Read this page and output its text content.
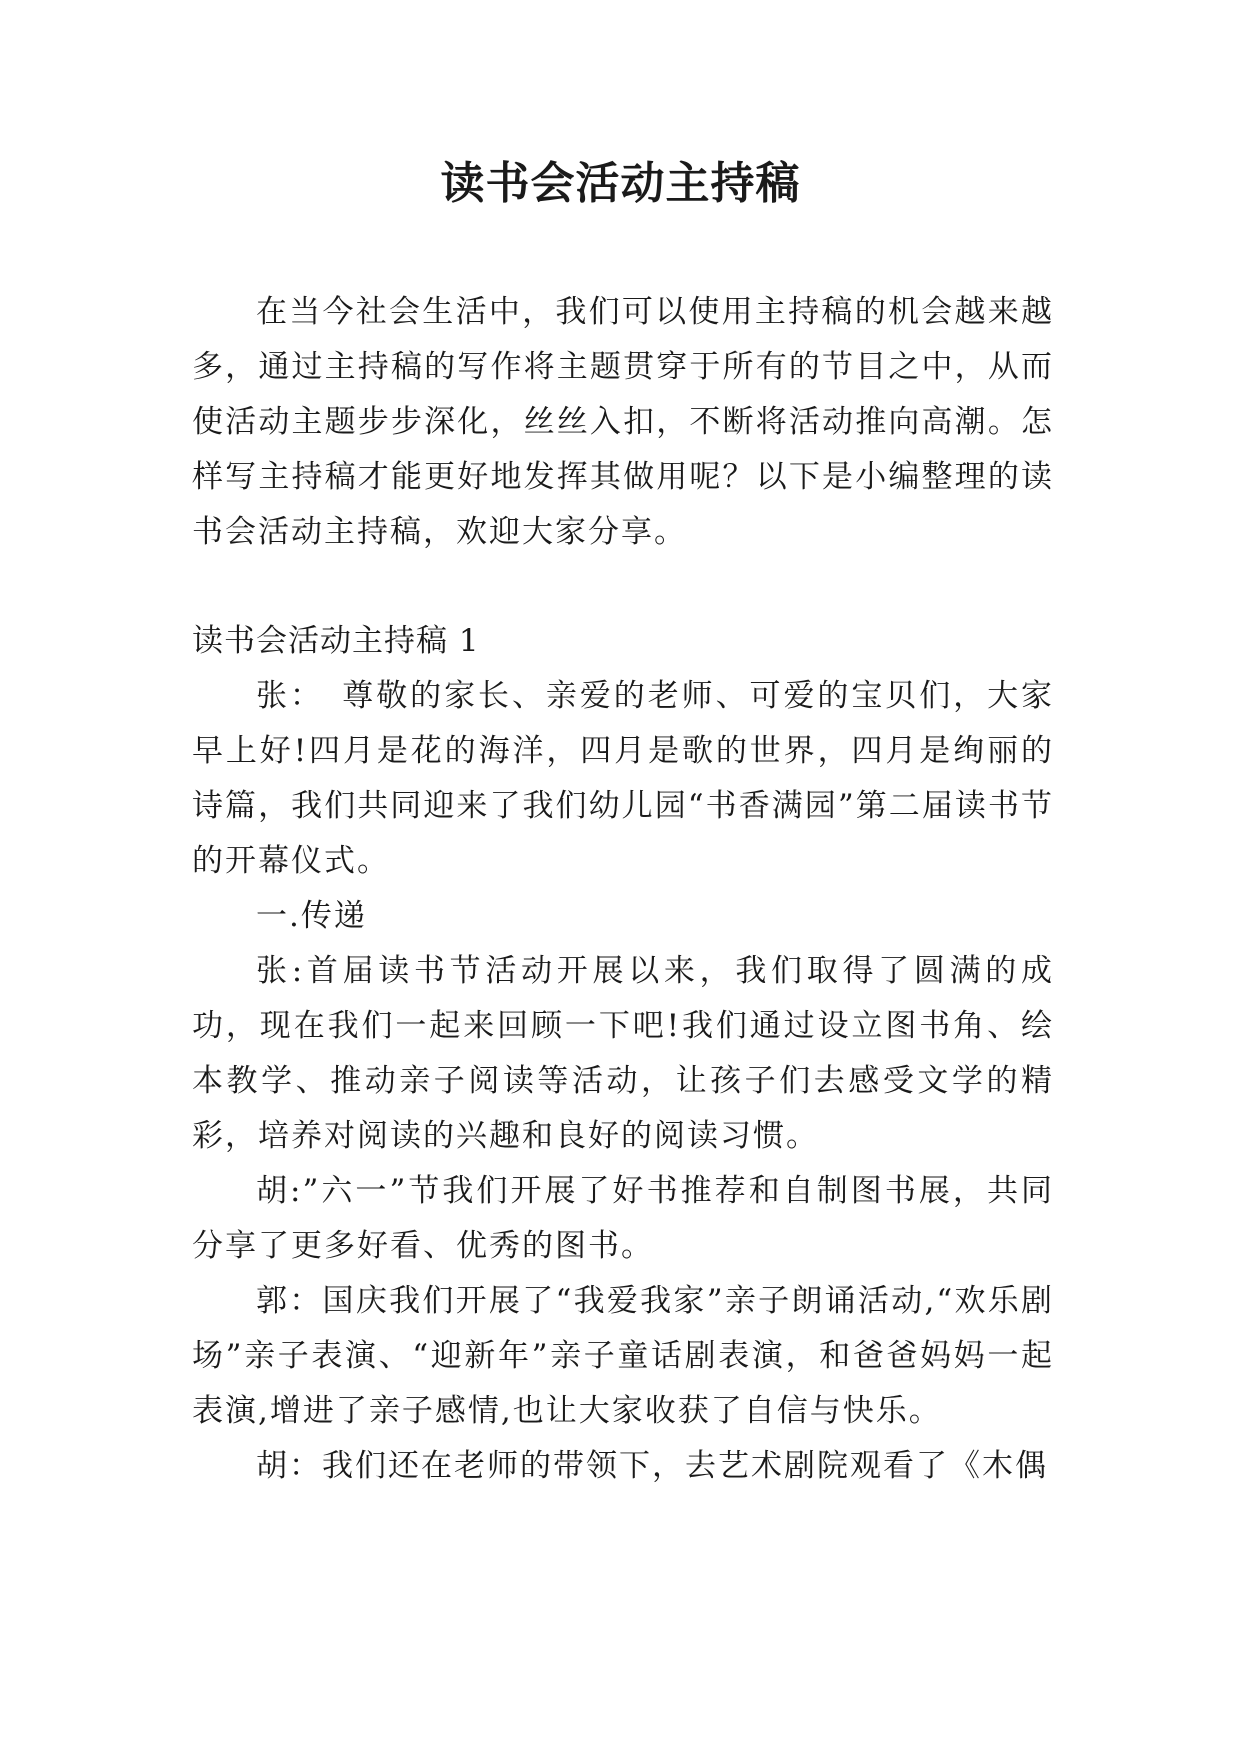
读书会活动主持稿

在当今社会生活中，我们可以使用主持稿的机会越来越多，通过主持稿的写作将主题贯穿于所有的节目之中，从而使活动主题步步深化，丝丝入扣，不断将活动推向高潮。怎样写主持稿才能更好地发挥其做用呢？以下是小编整理的读书会活动主持稿，欢迎大家分享。

读书会活动主持稿 1

张：　尊敬的家长、亲爱的老师、可爱的宝贝们，大家早上好!四月是花的海洋，四月是歌的世界，四月是绚丽的诗篇，我们共同迎来了我们幼儿园“书香满园”第二届读书节的开幕仪式。

一.传递

张:首届读书节活动开展以来，我们取得了圆满的成功，现在我们一起来回顾一下吧!我们通过设立图书角、绘本教学、推动亲子阅读等活动，让孩子们去感受文学的精彩，培养对阅读的兴趣和良好的阅读习惯。

胡:”六一”节我们开展了好书推荐和自制图书展，共同分享了更多好看、优秀的图书。

郭：国庆我们开展了“我爱我家”亲子朗诵活动,“欢乐剧场”亲子表演、“迎新年”亲子童话剧表演，和爸爸妈妈一起表演,增进了亲子感情,也让大家收获了自信与快乐。

胡：我们还在老师的带领下，去艺术剧院观看了《木偶
